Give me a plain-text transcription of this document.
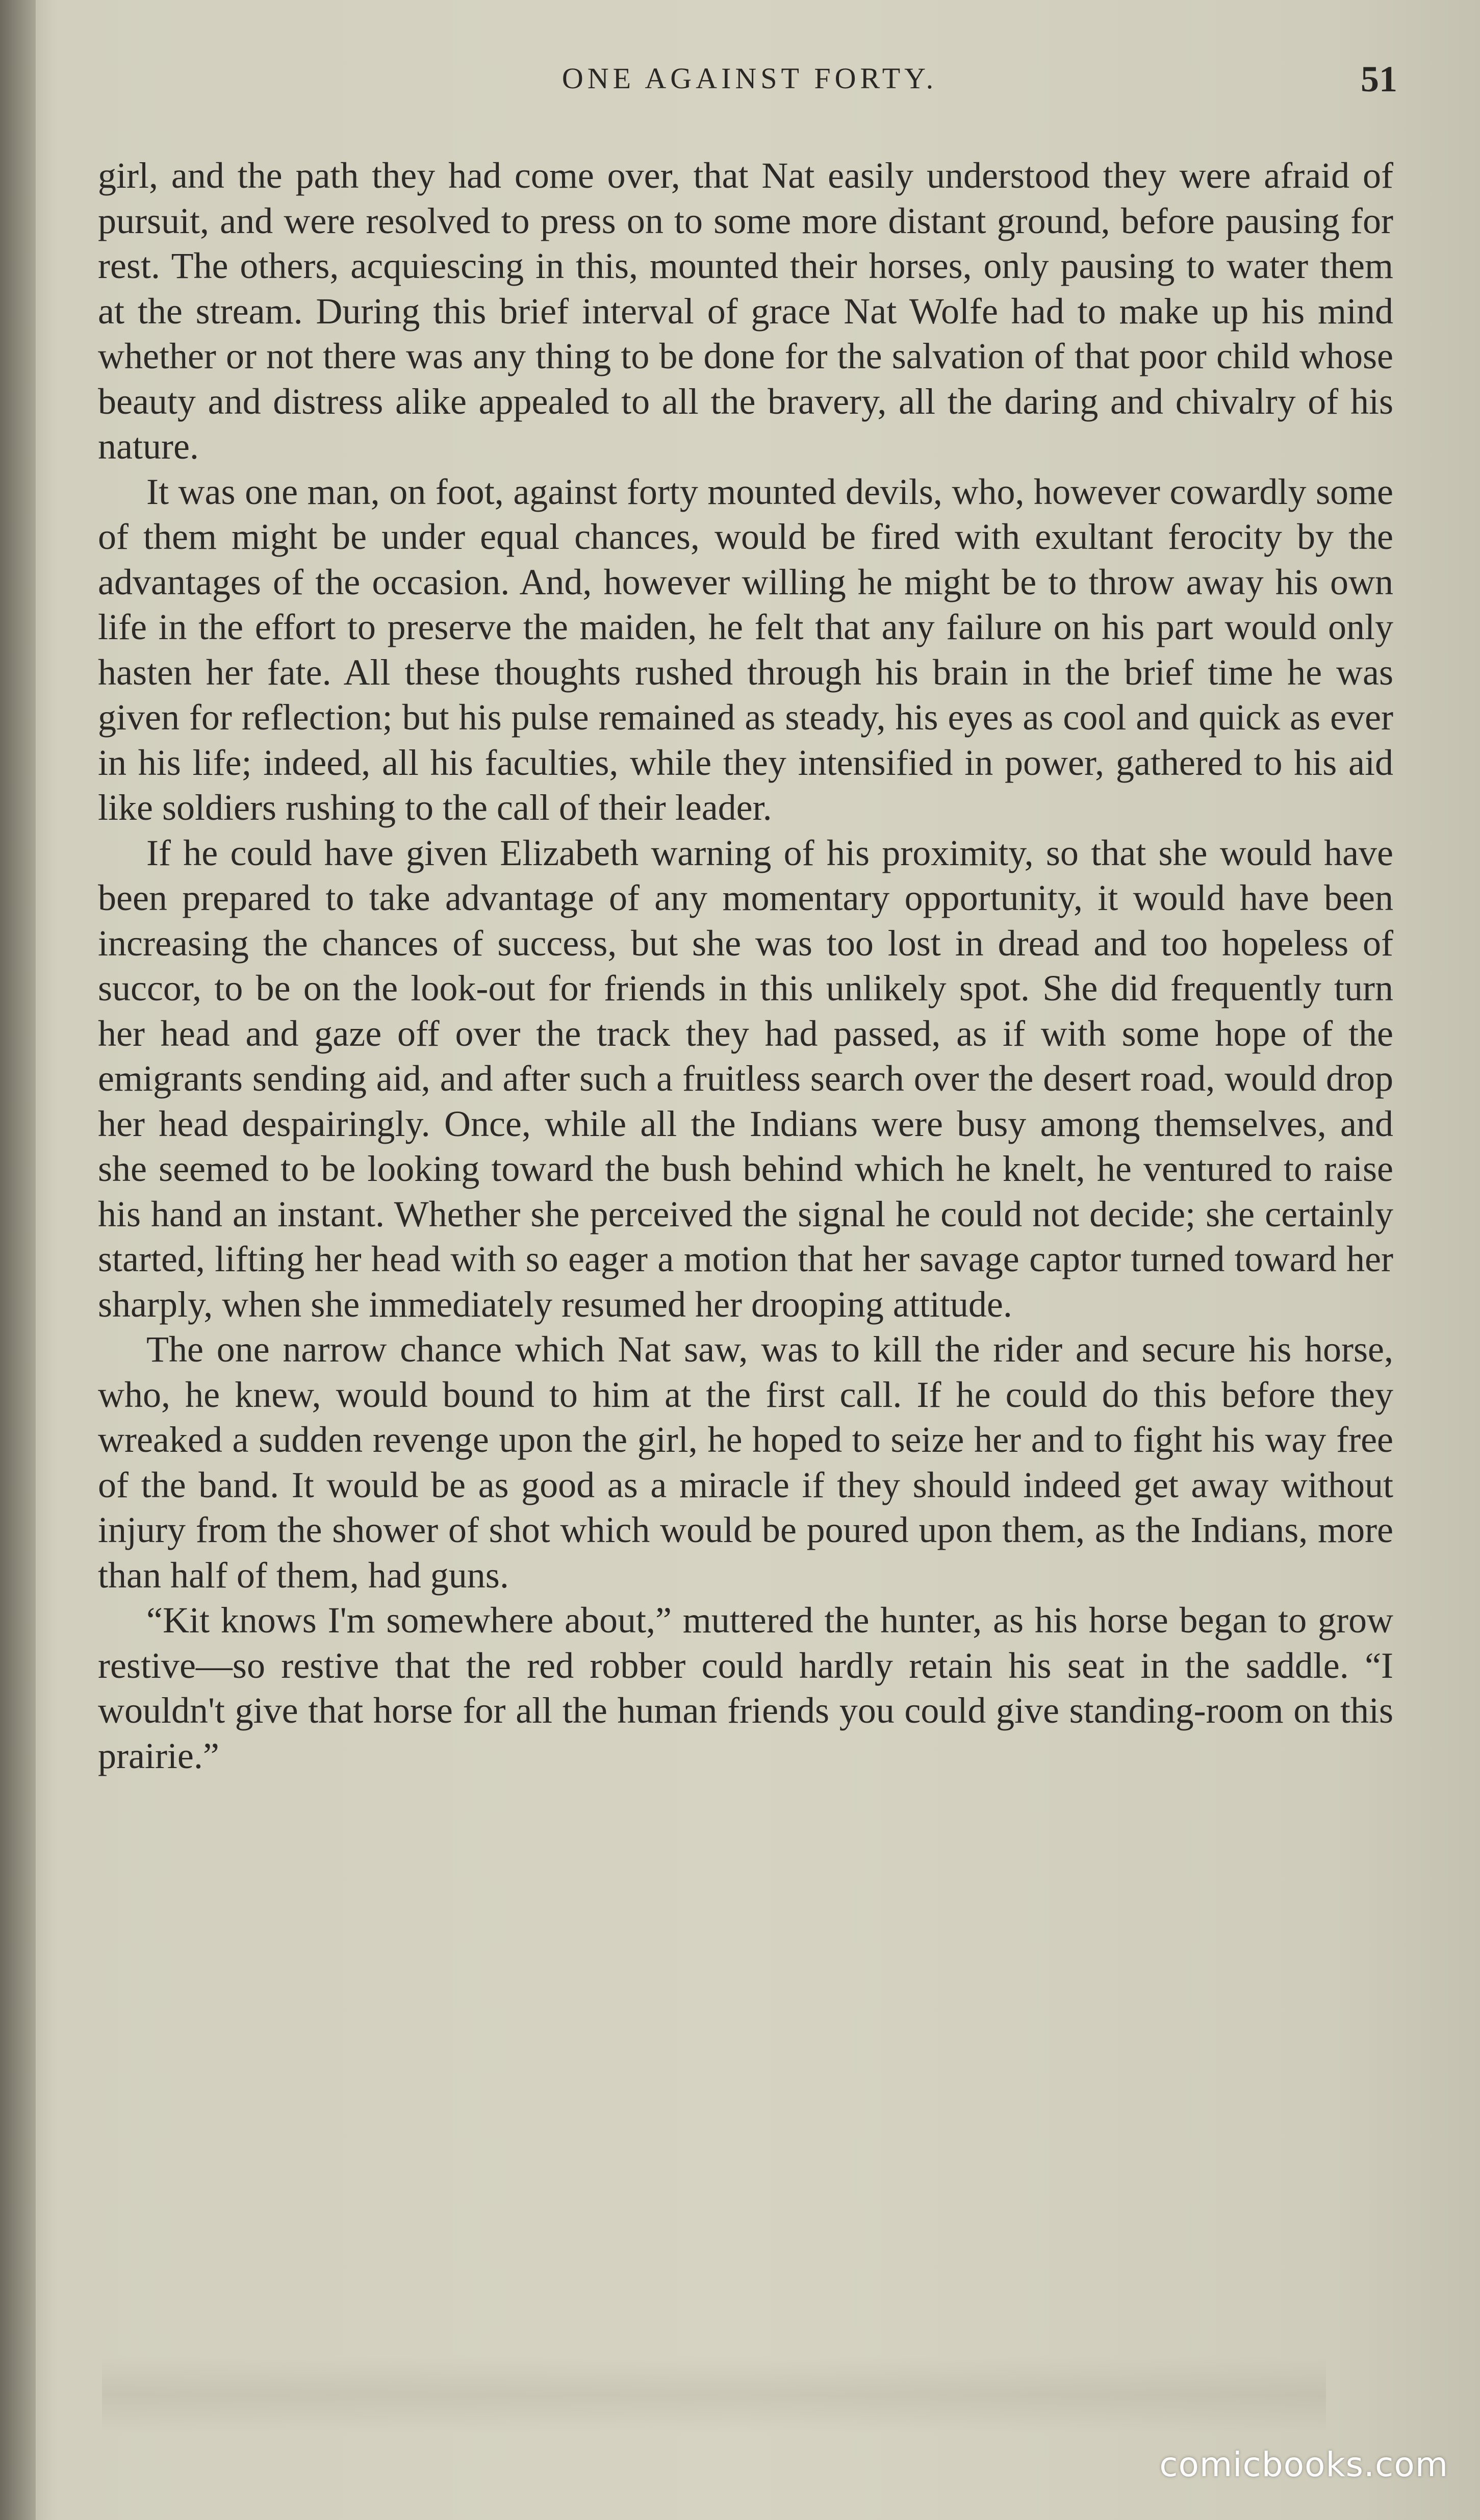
ONE AGAINST FORTY.	51

girl, and the path they had come over, that Nat easily understood they were afraid of pursuit, and were resolved to press on to some more distant ground, before pausing for rest. The others, acquiescing in this, mounted their horses, only pausing to water them at the stream. During this brief interval of grace Nat Wolfe had to make up his mind whether or not there was any thing to be done for the salvation of that poor child whose beauty and distress alike appealed to all the bravery, all the daring and chivalry of his nature.

It was one man, on foot, against forty mounted devils, who, however cowardly some of them might be under equal chances, would be fired with exultant ferocity by the advantages of the occasion. And, however willing he might be to throw away his own life in the effort to preserve the maiden, he felt that any failure on his part would only hasten her fate. All these thoughts rushed through his brain in the brief time he was given for reflection; but his pulse remained as steady, his eyes as cool and quick as ever in his life; indeed, all his faculties, while they intensified in power, gathered to his aid like soldiers rushing to the call of their leader.

If he could have given Elizabeth warning of his proximity, so that she would have been prepared to take advantage of any momentary opportunity, it would have been increasing the chances of success, but she was too lost in dread and too hopeless of succor, to be on the look-out for friends in this unlikely spot. She did frequently turn her head and gaze off over the track they had passed, as if with some hope of the emigrants sending aid, and after such a fruitless search over the desert road, would drop her head despairingly. Once, while all the Indians were busy among themselves, and she seemed to be looking toward the bush behind which he knelt, he ventured to raise his hand an instant. Whether she perceived the signal he could not decide; she certainly started, lifting her head with so eager a motion that her savage captor turned toward her sharply, when she immediately resumed her drooping attitude.

The one narrow chance which Nat saw, was to kill the rider and secure his horse, who, he knew, would bound to him at the first call. If he could do this before they wreaked a sudden revenge upon the girl, he hoped to seize her and to fight his way free of the band. It would be as good as a miracle if they should indeed get away without injury from the shower of shot which would be poured upon them, as the Indians, more than half of them, had guns.

“Kit knows I'm somewhere about,” muttered the hunter, as his horse began to grow restive—so restive that the red robber could hardly retain his seat in the saddle. “I wouldn't give that horse for all the human friends you could give standing-room on this prairie.”

comicbooks.com
